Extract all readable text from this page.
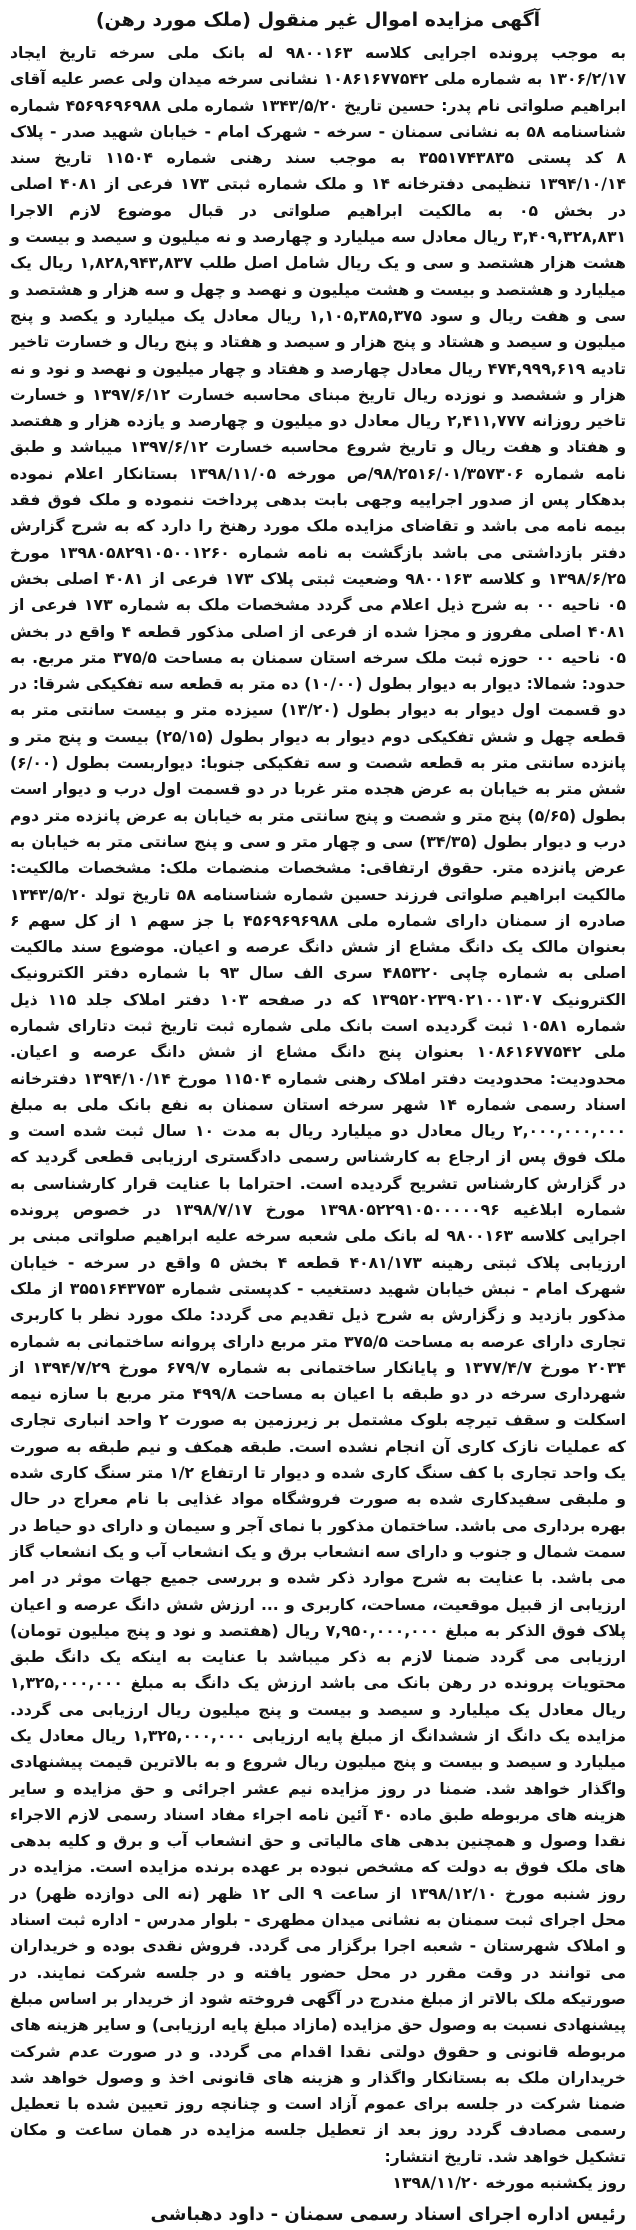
آگهی مزایده اموال غیر منقول (ملک مورد رهن)

به موجب پرونده اجرایی کلاسه ۹۸۰۰۱۶۳ له بانک ملی سرخه تاریخ ایجاد ۱۳۰۶/۲/۱۷ به شماره ملی ۱۰۸۶۱۶۷۷۵۴۲ نشانی سرخه میدان ولی عصر علیه آقای ابراهیم صلواتی نام پدر: حسین تاریخ ۱۳۴۳/۵/۲۰ شماره ملی ۴۵۶۹۶۹۶۹۸۸ شماره شناسنامه ۵۸ به نشانی سمنان - سرخه - شهرک امام - خیابان شهید صدر - پلاک ۸ کد پستی ۳۵۵۱۷۴۳۸۳۵ به موجب سند رهنی شماره ۱۱۵۰۴ تاریخ سند ۱۳۹۴/۱۰/۱۴ تنظیمی دفترخانه ۱۴ و ملک شماره ثبتی ۱۷۳ فرعی از ۴۰۸۱ اصلی در بخش ۰۵ به مالکیت ابراهیم صلواتی در قبال موضوع لازم الاجرا ۳,۴۰۹,۳۲۸,۸۳۱ ریال معادل سه میلیارد و چهارصد و نه میلیون و سیصد و بیست و هشت هزار هشتصد و سی و یک ریال شامل اصل طلب ۱,۸۲۸,۹۴۳,۸۳۷ ریال یک میلیارد و هشتصد و بیست و هشت میلیون و نهصد و چهل و سه هزار و هشتصد و سی و هفت ریال و سود ۱,۱۰۵,۳۸۵,۳۷۵ ریال معادل یک میلیارد و یکصد و پنج میلیون و سیصد و هشتاد و پنج هزار و سیصد و هفتاد و پنج ریال و خسارت تاخیر تادیه ۴۷۴,۹۹۹,۶۱۹ ریال معادل چهارصد و هفتاد و چهار میلیون و نهصد و نود و نه هزار و ششصد و نوزده ریال تاریخ مبنای محاسبه خسارت ۱۳۹۷/۶/۱۲ و خسارت تاخیر روزانه ۲,۴۱۱,۷۷۷ ریال معادل دو میلیون و چهارصد و یازده هزار و هفتصد و هفتاد و هفت ریال و تاریخ شروع محاسبه خسارت ۱۳۹۷/۶/۱۲ میباشد و طبق نامه شماره ۹۸/۲۵۱۶/۰۱/۳۵۷۳۰۶/ص مورخه ۱۳۹۸/۱۱/۰۵ بستانکار اعلام نموده بدهکار پس از صدور اجراییه وجهی بابت بدهی پرداخت ننموده و ملک فوق فقد بیمه نامه می باشد و تقاضای مزایده ملک مورد رهنخ را دارد که به شرح گزارش دفتر بازداشتی می باشد بازگشت به نامه شماره ۱۳۹۸۰۵۸۲۹۱۰۵۰۰۱۲۶۰ مورخ ۱۳۹۸/۶/۲۵ و کلاسه ۹۸۰۰۱۶۳ وضعیت ثبتی پلاک ۱۷۳ فرعی از ۴۰۸۱ اصلی بخش ۰۵ ناحیه ۰۰ به شرح ذیل اعلام می گردد مشخصات ملک به شماره ۱۷۳ فرعی از ۴۰۸۱ اصلی مفروز و مجزا شده از فرعی از اصلی مذکور قطعه ۴ واقع در بخش ۰۵ ناحیه ۰۰ حوزه ثبت ملک سرخه استان سمنان به مساحت ۳۷۵/۵ متر مربع. به حدود: شمالا: دیوار به دیوار بطول (۱۰/۰۰) ده متر به قطعه سه تفکیکی شرقا: در دو قسمت اول دیوار به دیوار بطول (۱۳/۲۰) سیزده متر و بیست سانتی متر به قطعه چهل و شش تفکیکی دوم دیوار به دیوار بطول (۲۵/۱۵) بیست و پنج متر و پانزده سانتی متر به قطعه شصت و سه تفکیکی جنوبا: دیواربست بطول (۶/۰۰) شش متر به خیابان به عرض هجده متر غربا در دو قسمت اول درب و دیوار است بطول (۵/۶۵) پنج متر و شصت و پنج سانتی متر به خیابان به عرض پانزده متر دوم درب و دیوار بطول (۳۴/۳۵) سی و چهار متر و سی و پنج سانتی متر به خیابان به عرض پانزده متر. حقوق ارتفاقی: مشخصات منضمات ملک: مشخصات مالکیت: مالکیت ابراهیم صلواتی فرزند حسین شماره شناسنامه ۵۸ تاریخ تولد ۱۳۴۳/۵/۲۰ صادره از سمنان دارای شماره ملی ۴۵۶۹۶۹۶۹۸۸ با جز سهم ۱ از کل سهم ۶ بعنوان مالک یک دانگ مشاع از شش دانگ عرصه و اعیان. موضوع سند مالکیت اصلی به شماره چاپی ۴۸۵۳۲۰ سری الف سال ۹۳ با شماره دفتر الکترونیک الکترونیک ۱۳۹۵۲۰۲۳۹۰۲۱۰۰۱۳۰۷ که در صفحه ۱۰۳ دفتر املاک جلد ۱۱۵ ذیل شماره ۱۰۵۸۱ ثبت گردیده است بانک ملی شماره ثبت تاریخ ثبت دتارای شماره ملی ۱۰۸۶۱۶۷۷۵۴۲ بعنوان پنج دانگ مشاع از شش دانگ عرصه و اعیان. محدودیت: محدودیت دفتر املاک رهنی شماره ۱۱۵۰۴ مورخ ۱۳۹۴/۱۰/۱۴ دفترخانه اسناد رسمی شماره ۱۴ شهر سرخه استان سمنان به نفع بانک ملی به مبلغ ۲,۰۰۰,۰۰۰,۰۰۰ ریال معادل دو میلیارد ریال به مدت ۱۰ سال ثبت شده است و ملک فوق پس از ارجاع به کارشناس رسمی دادگستری ارزیابی قطعی گردید که در گزارش کارشناس تشریح گردیده است. احتراما با عنایت قرار کارشناسی به شماره ابلاغیه ۱۳۹۸۰۵۲۲۹۱۰۵۰۰۰۰۰۹۶ مورخ ۱۳۹۸/۷/۱۷ در خصوص پرونده اجرایی کلاسه ۹۸۰۰۱۶۳ له بانک ملی شعبه سرخه علیه ابراهیم صلواتی مبنی بر ارزیابی پلاک ثبتی رهینه ۴۰۸۱/۱۷۳ قطعه ۴ بخش ۵ واقع در سرخه - خیابان شهرک امام - نبش خیابان شهید دستغیب - کدپستی شماره ۳۵۵۱۶۴۳۷۵۳ از ملک مذکور بازدید و زگزارش به شرح ذیل تقدیم می گردد: ملک مورد نظر با کاربری تجاری دارای عرصه به مساحت ۳۷۵/۵ متر مربع دارای پروانه ساختمانی به شماره ۲۰۳۴ مورخ ۱۳۷۷/۴/۷ و پایانکار ساختمانی به شماره ۶۷۹/۷ مورخ ۱۳۹۴/۷/۲۹ از شهرداری سرخه در دو طبقه با اعیان به مساحت ۴۹۹/۸ متر مربع با سازه نیمه اسکلت و سقف تیرچه بلوک مشتمل بر زیرزمین به صورت ۲ واحد انباری تجاری که عملیات نازک کاری آن انجام نشده است. طبقه همکف و نیم طبقه به صورت یک واحد تجاری با کف سنگ کاری شده و دیوار تا ارتفاع ۱/۲ متر سنگ کاری شده و ملبقی سفیدکاری شده به صورت فروشگاه مواد غذایی با نام معراج در حال بهره برداری می باشد. ساختمان مذکور با نمای آجر و سیمان و دارای دو حیاط در سمت شمال و جنوب و دارای سه انشعاب برق و یک انشعاب آب و یک انشعاب گاز می باشد. با عنایت به شرح موارد ذکر شده و بررسی جمیع جهات موثر در امر ارزیابی از قبیل موقعیت، مساحت، کاربری و ... ارزش شش دانگ عرصه و اعیان پلاک فوق الذکر به مبلغ ۷,۹۵۰,۰۰۰,۰۰۰ ریال (هفتصد و نود و پنج میلیون تومان) ارزیابی می گردد ضمنا لازم به ذکر میباشد با عنایت به اینکه یک دانگ طبق محتویات پرونده در رهن بانک می باشد ارزش یک دانگ به مبلغ ۱,۳۲۵,۰۰۰,۰۰۰ ریال معادل یک میلیارد و سیصد و بیست و پنج میلیون ریال ارزیابی می گردد. مزایده یک دانگ از ششدانگ از مبلغ پایه ارزیابی ۱,۳۲۵,۰۰۰,۰۰۰ ریال معادل یک میلیارد و سیصد و بیست و پنج میلیون ریال شروع و به بالاترین قیمت پیشنهادی واگذار خواهد شد. ضمنا در روز مزایده نیم عشر اجرائی و حق مزایده و سایر هزینه های مربوطه طبق ماده ۴۰ آئین نامه اجراء مفاد اسناد رسمی لازم الاجراء نقدا وصول و همچنین بدهی های مالیاتی و حق انشعاب آب و برق و کلیه بدهی های ملک فوق به دولت که مشخص نبوده بر عهده برنده مزایده است. مزایده در روز شنبه مورخ ۱۳۹۸/۱۲/۱۰ از ساعت ۹ الی ۱۲ ظهر (نه الی دوازده ظهر) در محل اجرای ثبت سمنان به نشانی میدان مطهری - بلوار مدرس - اداره ثبت اسناد و املاک شهرستان - شعبه اجرا برگزار می گردد. فروش نقدی بوده و خریداران می توانند در وقت مقرر در محل حضور یافته و در جلسه شرکت نمایند. در صورتیکه ملک بالاتر از مبلغ مندرج در آگهی فروخته شود از خریدار بر اساس مبلغ پیشنهادی نسبت به وصول حق مزایده (مازاد مبلغ پایه ارزیابی) و سایر هزینه های مربوطه قانونی و حقوق دولتی نقدا اقدام می گردد. و در صورت عدم شرکت خریداران ملک به بستانکار واگذار و هزینه های قانونی اخذ و وصول خواهد شد ضمنا شرکت در جلسه برای عموم آزاد است و چنانچه روز تعیین شده با تعطیل رسمی مصادف گردد روز بعد از تعطیل جلسه مزایده در همان ساعت و مکان تشکیل خواهد شد. تاریخ انتشار:

روز یکشنبه مورخه ۱۳۹۸/۱۱/۲۰

رئیس اداره اجرای اسناد رسمی سمنان - داود دهباشی
